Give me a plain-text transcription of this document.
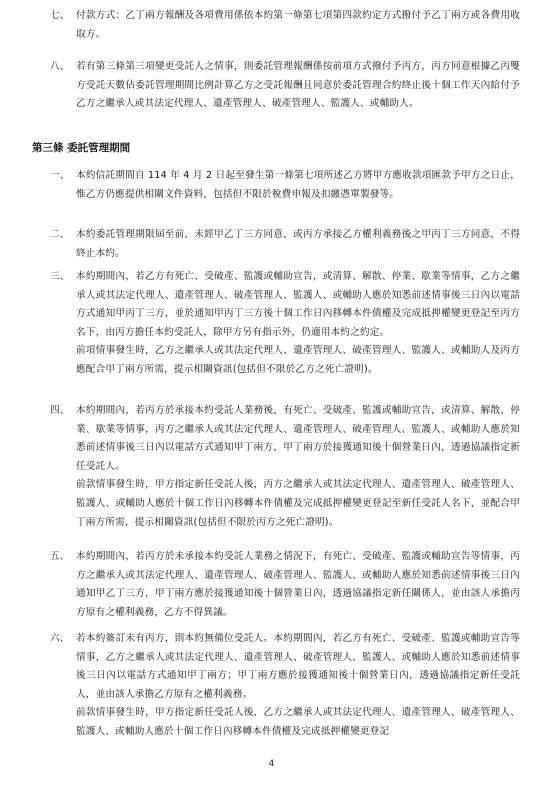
七、 付款方式：乙丁兩方報酬及各項費用係依本約第一條第七項第四款約定方式撥付予乙丁兩方或各費用收取方。
八、 若有第三條第三項變更受託人之情事，則委託管理報酬係按前項方式撥付予丙方，丙方同意根據乙丙雙方受託天數佔委託管理期間比例計算乙方之受託報酬且同意於委託管理合約終止後十個工作天內給付予乙方之繼承人或其法定代理人、遺產管理人、破產管理人、監護人、或輔助人。
第三條 委託管理期間
一、 本約信託期間自 114 年 4 月 2 日起至發生第一條第七項所述乙方將甲方應收款項匯款予甲方之日止，惟乙方仍應提供相關文件資料，包括但不限於稅費申報及扣繳憑單製發等。
二、 本約委託管理期限屆至前，未經甲乙丁三方同意，或丙方承接乙方權利義務後之甲丙丁三方同意，不得終止本約。
三、 本約期間內，若乙方有死亡、受破產、監護或輔助宣告，或清算、解散、停業、歇業等情事，乙方之繼承人或其法定代理人、遺產管理人、破產管理人、監護人、或輔助人應於知悉前述情事後三日內以電話方式通知甲丙丁三方，並於通知甲丙丁三方後十個工作日內移轉本件債權及完成抵押權變更登記至丙方名下，由丙方擔任本約受託人，除甲方另有指示外，仍適用本約之約定。
前項情事發生時，乙方之繼承人或其法定代理人、遺產管理人、破產管理人、監護人、或輔助人及丙方應配合甲丁兩方所需，提示相關資訊(包括但不限於乙方之死亡證明)。
四、 本約期間內，若丙方於承接本約受託人業務後，有死亡、受破產、監護或輔助宣告，或清算、解散、停業、歇業等情事，丙方之繼承人或其法定代理人、遺產管理人、破產管理人、監護人、或輔助人應於知悉前述情事後三日內以電話方式通知甲丁兩方，甲丁兩方於接獲通知後十個營業日內，透過協議指定新任受託人。
前款情事發生時，甲方指定新任受託人後，丙方之繼承人或其法定代理人、遺產管理人、破產管理人、監護人、或輔助人應於十個工作日內移轉本件債權及完成抵押權變更登記至新任受託人名下，並配合甲丁兩方所需，提示相關資訊(包括但不限於丙方之死亡證明)。
五、 本約期間內，若丙方於未承接本約受託人業務之情況下，有死亡、受破產、監護或輔助宣告等情事，丙方之繼承人或其法定代理人、遺產管理人、破產管理人、監護人、或輔助人應於知悉前述情事後三日內通知甲乙丁三方，甲丁兩方應於接獲通知後十個營業日內，透過協議指定新任關係人，並由該人承擔丙方原有之權利義務，乙方不得異議。
六、 若本約簽訂未有丙方，則本約無備位受託人。本約期間內，若乙方有死亡、受破產、監護或輔助宣告等情事，乙方之繼承人或其法定代理人、遺產管理人、破產管理人、監護人、或輔助人應於知悉前述情事後三日內以電話方式通知甲丁兩方；甲丁兩方應於接獲通知後十個營業日內，透過協議指定新任受託人，並由該人承擔乙方原有之權利義務。
前款情事發生時，甲方指定新任受託人後，乙方之繼承人或其法定代理人、遺產管理人、破產管理人、監護人、或輔助人應於十個工作日內移轉本件債權及完成抵押權變更登記
4
